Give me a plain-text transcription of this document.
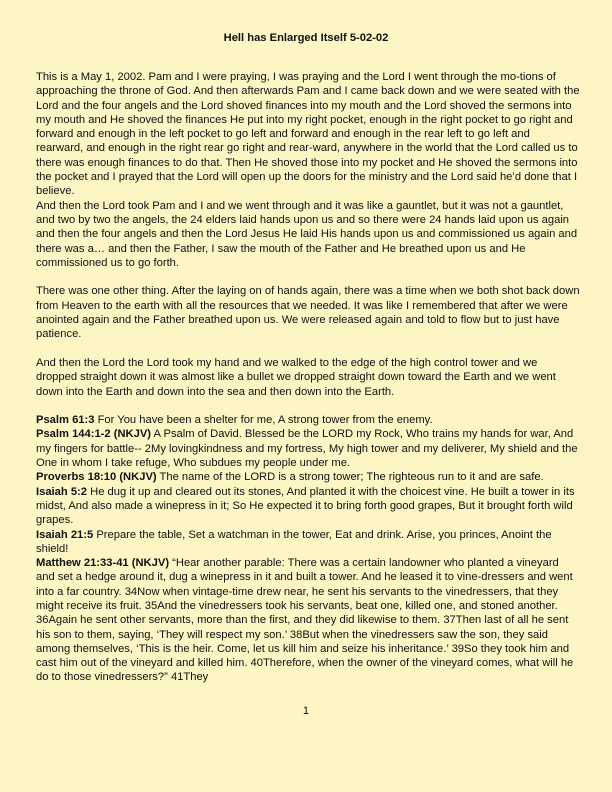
Hell has Enlarged Itself 5-02-02

This is a May 1, 2002. Pam and I were praying, I was praying and the Lord I went through the mo-tions of approaching the throne of God. And then afterwards Pam and I came back down and we were seated with the Lord and the four angels and the Lord shoved finances into my mouth and the Lord shoved the sermons into my mouth and He shoved the finances He put into my right pocket, enough in the right pocket to go right and forward and enough in the left pocket to go left and forward and enough in the rear left to go left and rearward, and enough in the right rear go right and rear-ward, anywhere in the world that the Lord called us to there was enough finances to do that. Then He shoved those into my pocket and He shoved the sermons into the pocket and I prayed that the Lord will open up the doors for the ministry and the Lord said he’d done that I believe.

And then the Lord took Pam and I and we went through and it was like a gauntlet, but it was not a gauntlet, and two by two the angels, the 24 elders laid hands upon us and so there were 24 hands laid upon us again and then the four angels and then the Lord Jesus He laid His hands upon us and commissioned us again and there was a… and then the Father, I saw the mouth of the Father and He breathed upon us and He commissioned us to go forth.

There was one other thing. After the laying on of hands again, there was a time when we both shot back down from Heaven to the earth with all the resources that we needed. It was like I remembered that after we were anointed again and the Father breathed upon us. We were released again and told to flow but to just have patience.

And then the Lord the Lord took my hand and we walked to the edge of the high control tower and we dropped straight down it was almost like a bullet we dropped straight down toward the Earth and we went down into the Earth and down into the sea and then down into the Earth.

Psalm 61:3 For You have been a shelter for me, A strong tower from the enemy.

Psalm 144:1-2 (NKJV) A Psalm of David. Blessed be the LORD my Rock, Who trains my hands for war, And my fingers for battle-- 2My lovingkindness and my fortress, My high tower and my deliverer, My shield and the One in whom I take refuge, Who subdues my people under me.

Proverbs 18:10 (NKJV) The name of the LORD is a strong tower; The righteous run to it and are safe.

Isaiah 5:2 He dug it up and cleared out its stones, And planted it with the choicest vine. He built a tower in its midst, And also made a winepress in it; So He expected it to bring forth good grapes, But it brought forth wild grapes.

Isaiah 21:5 Prepare the table, Set a watchman in the tower, Eat and drink. Arise, you princes, Anoint the shield!

Matthew 21:33-41 (NKJV) “Hear another parable: There was a certain landowner who planted a vineyard and set a hedge around it, dug a winepress in it and built a tower. And he leased it to vine-dressers and went into a far country. 34Now when vintage-time drew near, he sent his servants to the vinedressers, that they might receive its fruit. 35And the vinedressers took his servants, beat one, killed one, and stoned another. 36Again he sent other servants, more than the first, and they did likewise to them. 37Then last of all he sent his son to them, saying, ‘They will respect my son.’ 38But when the vinedressers saw the son, they said among themselves, ‘This is the heir. Come, let us kill him and seize his inheritance.’ 39So they took him and cast him out of the vineyard and killed him. 40Therefore, when the owner of the vineyard comes, what will he do to those vinedressers?” 41They

1
